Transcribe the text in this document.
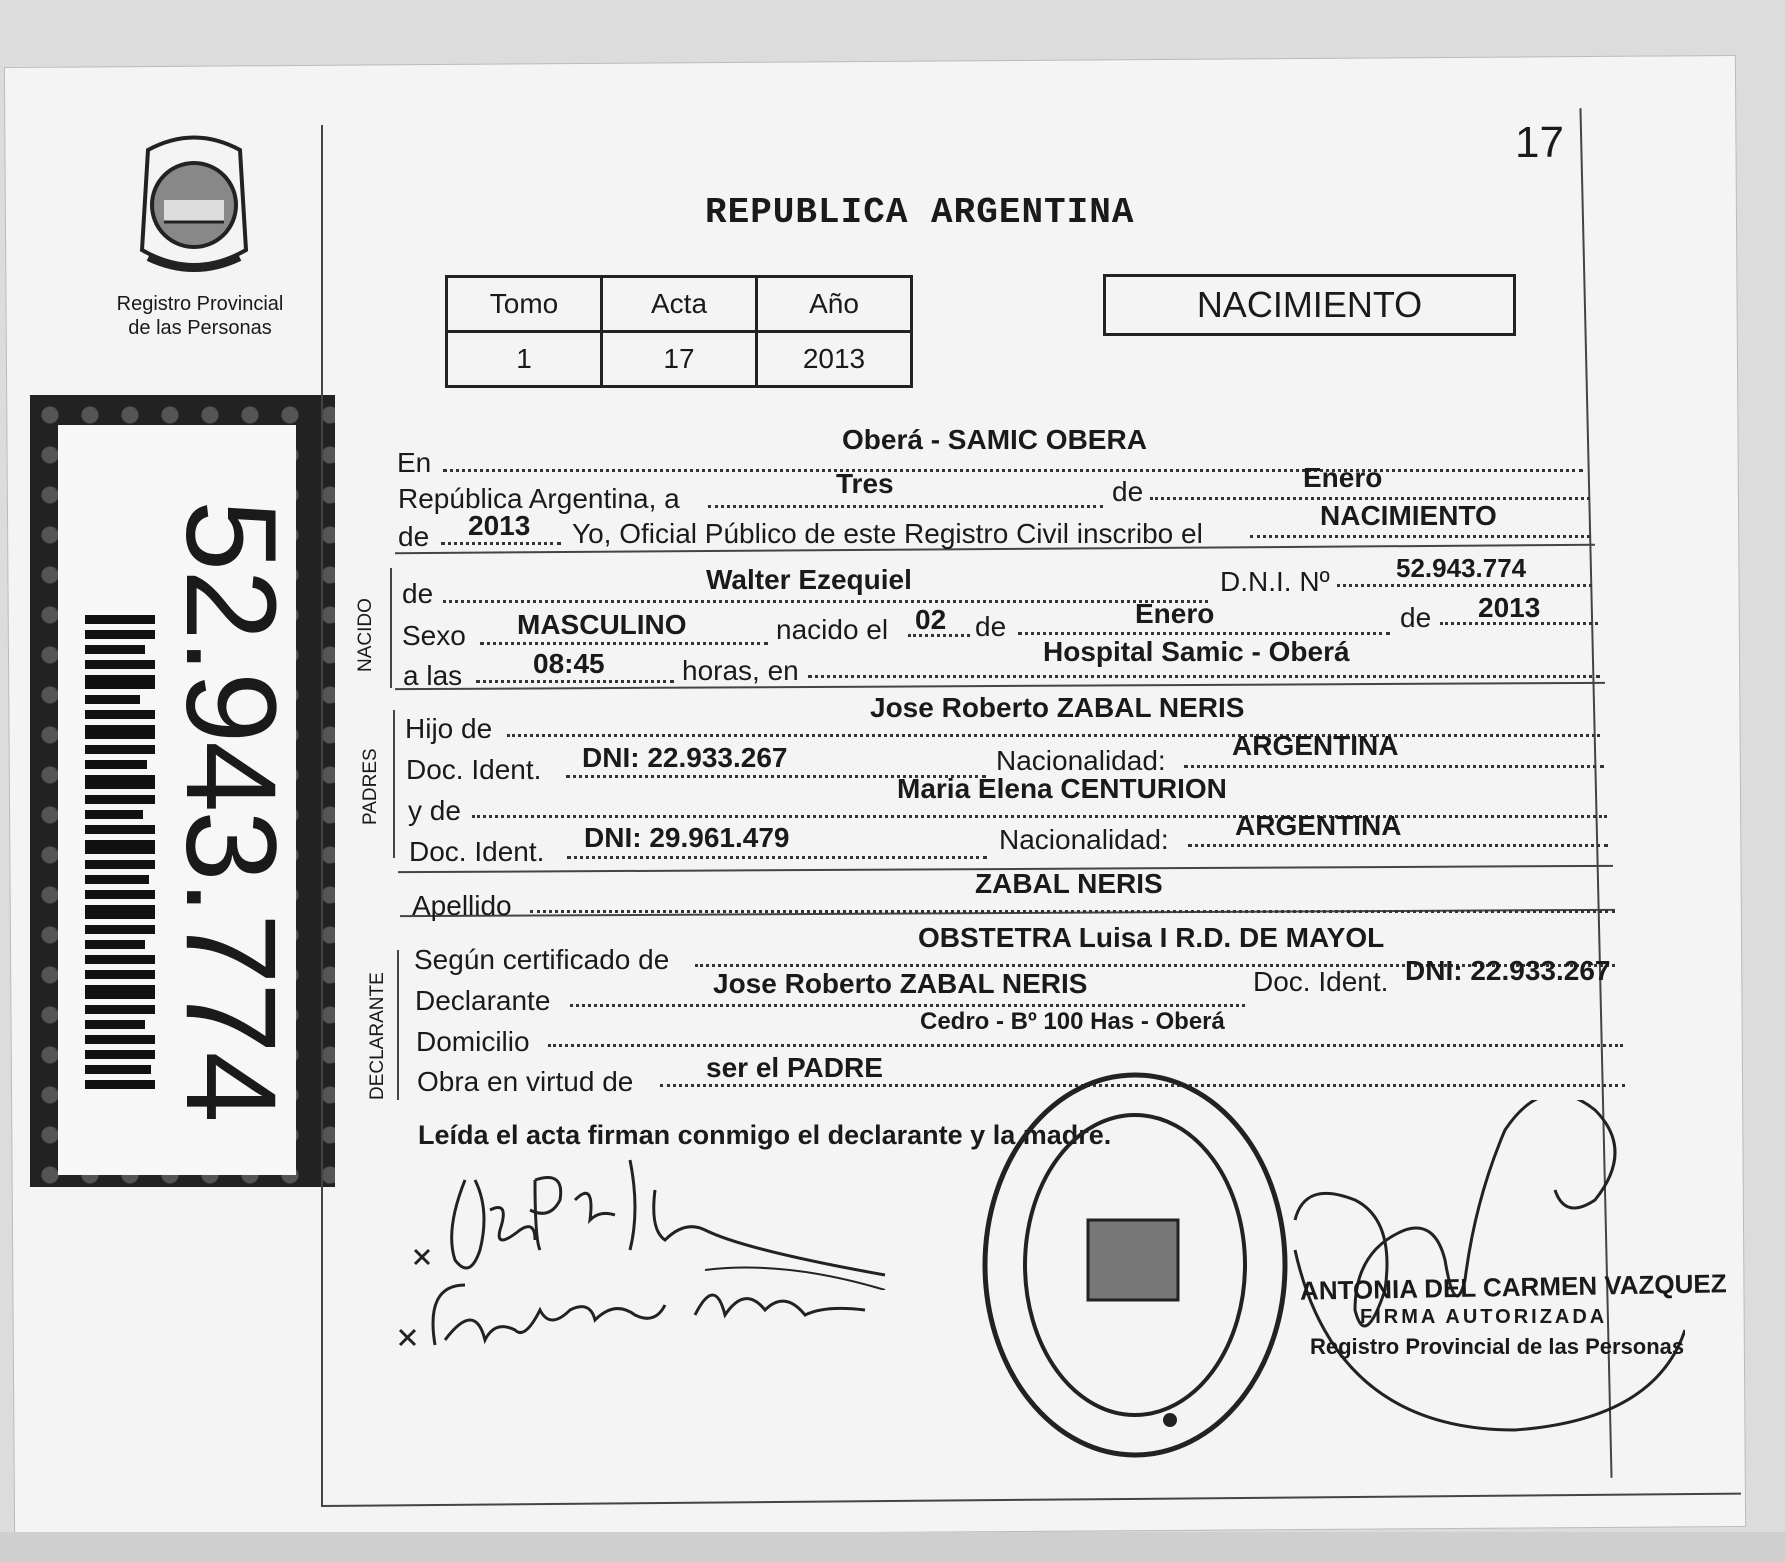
Registro Provincial
de las Personas
52.943.774
17
REPUBLICA ARGENTINA
Tomo	Acta	Año
1	17	2013
NACIMIENTO
NACIDO
PADRES
DECLARANTE
En
Oberá - SAMIC OBERA
República Argentina, a	Tres	de	Enero
de 2013 Yo, Oficial Público de este Registro Civil inscribo el
NACIMIENTO
de	Walter Ezequiel	D.N.I. Nº	52.943.774
Sexo MASCULINO	nacido el 02 de	Enero	de 2013
a las	08:45	horas, en
Hospital Samic - Oberá
Hijo de
Jose Roberto ZABAL NERIS
Doc. Ident. DNI: 22.933.267	Nacionalidad: ARGENTINA
y de
Maria Elena CENTURION
Doc. Ident. DNI: 29.961.479	Nacionalidad: ARGENTINA
Apellido
ZABAL NERIS
Según certificado de
OBSTETRA Luisa I R.D. DE MAYOL
Declarante
Jose Roberto ZABAL NERIS	Doc. Ident. DNI: 22.933.267
Domicilio
Cedro - Bº 100 Has - Oberá
Obra en virtud de	ser el PADRE
Leída el acta firman conmigo el declarante y la madre.
ANTONIA DEL CARMEN VAZQUEZ
FIRMA AUTORIZADA
Registro Provincial de las Personas
